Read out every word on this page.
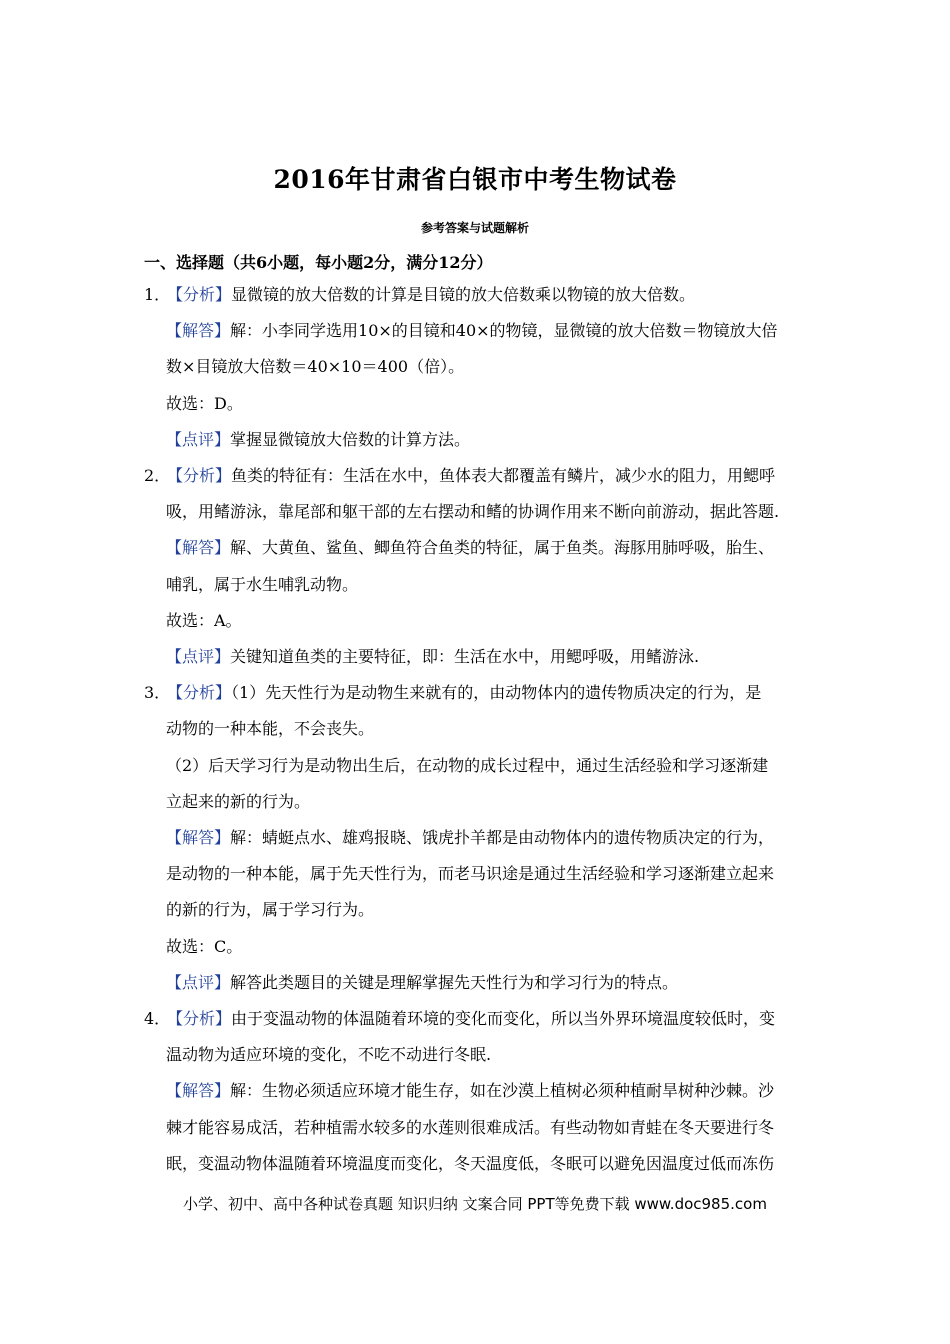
2016年甘肃省白银市中考生物试卷
参考答案与试题解析
一、选择题（共6小题，每小题2分，满分12分）
1．
【分析】显微镜的放大倍数的计算是目镜的放大倍数乘以物镜的放大倍数。
【解答】解：小李同学选用10×的目镜和40×的物镜，显微镜的放大倍数＝物镜放大倍
数×目镜放大倍数＝40×10＝400（倍）。
故选：D。
【点评】掌握显微镜放大倍数的计算方法。
2．
【分析】鱼类的特征有：生活在水中，鱼体表大都覆盖有鳞片，减少水的阻力，用鳃呼
吸，用鳍游泳，靠尾部和躯干部的左右摆动和鳍的协调作用来不断向前游动，据此答题.
【解答】解、大黄鱼、鲨鱼、鲫鱼符合鱼类的特征，属于鱼类。海豚用肺呼吸，胎生、
哺乳，属于水生哺乳动物。
故选：A。
【点评】关键知道鱼类的主要特征，即：生活在水中，用鳃呼吸，用鳍游泳.
3．
【分析】（1）先天性行为是动物生来就有的，由动物体内的遗传物质决定的行为，是
动物的一种本能，不会丧失。
（2）后天学习行为是动物出生后，在动物的成长过程中，通过生活经验和学习逐渐建
立起来的新的行为。
【解答】解：蜻蜓点水、雄鸡报晓、饿虎扑羊都是由动物体内的遗传物质决定的行为，
是动物的一种本能，属于先天性行为，而老马识途是通过生活经验和学习逐渐建立起来
的新的行为，属于学习行为。
故选：C。
【点评】解答此类题目的关键是理解掌握先天性行为和学习行为的特点。
4．
【分析】由于变温动物的体温随着环境的变化而变化，所以当外界环境温度较低时，变
温动物为适应环境的变化，不吃不动进行冬眠.
【解答】解：生物必须适应环境才能生存，如在沙漠上植树必须种植耐旱树种沙棘。沙
棘才能容易成活，若种植需水较多的水莲则很难成活。有些动物如青蛙在冬天要进行冬
眠，变温动物体温随着环境温度而变化，冬天温度低，冬眠可以避免因温度过低而冻伤
小学、初中、高中各种试卷真题 知识归纳 文案合同 PPT等免费下载 www.doc985.com
